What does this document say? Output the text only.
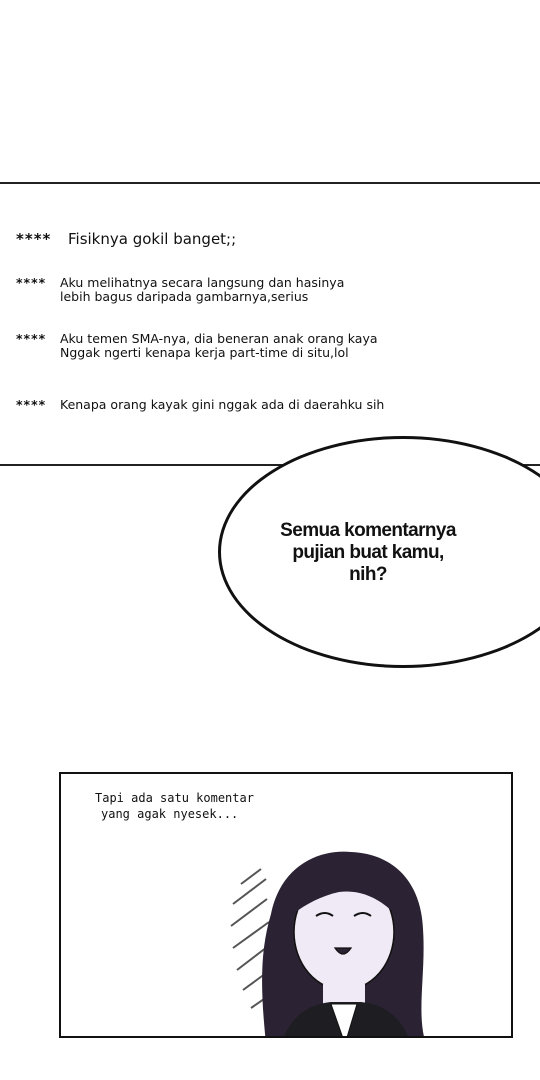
**** Fisiknya gokil banget;;
**** Aku melihatnya secara langsung dan hasinya
lebih bagus daripada gambarnya,serius
**** Aku temen SMA-nya, dia beneran anak orang kaya
Nggak ngerti kenapa kerja part-time di situ,lol
**** Kenapa orang kayak gini nggak ada di daerahku sih
Semua komentarnya
pujian buat kamu,
nih?
Tapi ada satu komentar
yang agak nyesek...
